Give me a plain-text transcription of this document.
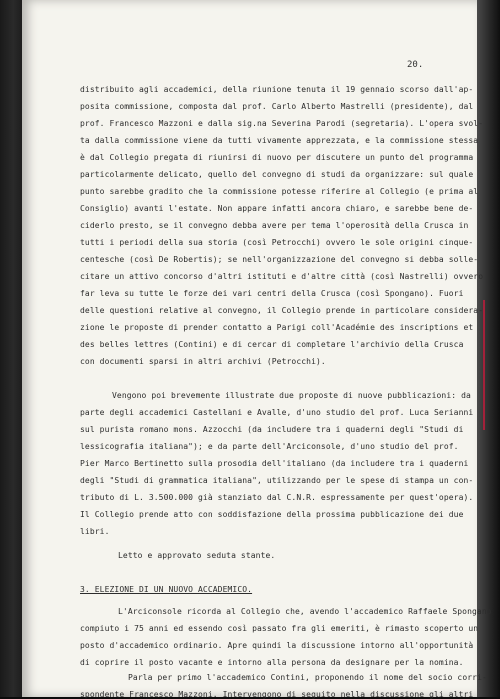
20.
distribuito agli accademici, della riunione tenuta il 19 gennaio scorso dall'ap-
posita commissione, composta dal prof. Carlo Alberto Mastrelli (presidente), dal
prof. Francesco Mazzoni e dalla sig.na Severina Parodi (segretaria). L'opera svol-
ta dalla commissione viene da tutti vivamente apprezzata, e la commissione stessa
è dal Collegio pregata di riunirsi di nuovo per discutere un punto del programma
particolarmente delicato, quello del convegno di studi da organizzare: sul quale
punto sarebbe gradito che la commissione potesse riferire al Collegio (e prima al
Consiglio) avanti l'estate. Non appare infatti ancora chiaro, e sarebbe bene de-
ciderlo presto, se il convegno debba avere per tema l'operosità della Crusca in
tutti i periodi della sua storia (così Petrocchi) ovvero le sole origini cinque-
centesche (così De Robertis); se nell'organizzazione del convegno si debba solle-
citare un attivo concorso d'altri istituti e d'altre città (così Nastrelli) ovvero
far leva su tutte le forze dei vari centri della Crusca (così Spongano). Fuori
delle questioni relative al convegno, il Collegio prende in particolare considera-
zione le proposte di prender contatto a Parigi coll'Académie des inscriptions et
des belles lettres (Contini) e di cercar di completare l'archivio della Crusca
con documenti sparsi in altri archivi (Petrocchi).
Vengono poi brevemente illustrate due proposte di nuove pubblicazioni: da
parte degli accademici Castellani e Avalle, d'uno studio del prof. Luca Serianni
sul purista romano mons. Azzocchi (da includere tra i quaderni degli "Studi di
lessicografia italiana"); e da parte dell'Arciconsole, d'uno studio del prof.
Pier Marco Bertinetto sulla prosodia dell'italiano (da includere tra i quaderni
degli "Studi di grammatica italiana", utilizzando per le spese di stampa un con-
tributo di L. 3.500.000 già stanziato dal C.N.R. espressamente per quest'opera).
Il Collegio prende atto con soddisfazione della prossima pubblicazione dei due
libri.
Letto e approvato seduta stante.
3. ELEZIONE DI UN NUOVO ACCADEMICO.
L'Arciconsole ricorda al Collegio che, avendo l'accademico Raffaele Spongano
compiuto i 75 anni ed essendo così passato fra gli emeriti, è rimasto scoperto un
posto d'accademico ordinario. Apre quindi la discussione intorno all'opportunità
di coprire il posto vacante e intorno alla persona da designare per la nomina.
Parla per primo l'accademico Contini, proponendo il nome del socio corri-
spondente Francesco Mazzoni. Intervengono di seguito nella discussione gli altri
